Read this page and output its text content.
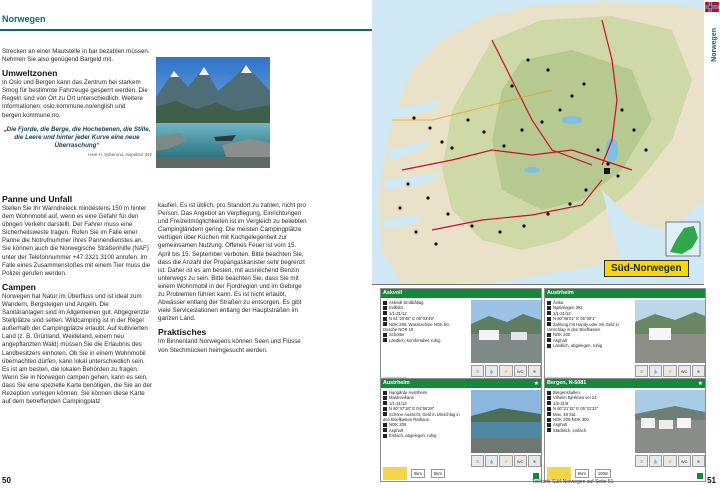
Norwegen

Strecken an einer Mautstelle in bar bezahlen müssen. Nehmen Sie also genügend Bargeld mit.

Umweltzonen

In Oslo und Bergen kann das Zentrum bei starkem Smog für bestimmte Fahrzeuge gesperrt werden. Die Regeln sind von Ort zu Ort unterschiedlich. Weitere Informationen: oslo.kommune.no/english und bergen.kommune.no.

„Die Fjorde, die Berge, die Hochebenen, die Stille, die Leere und hinter jeder Kurve eine neue Überraschung“
Hein H. Syberund, Inspektor 342
Panne und Unfall

Stellen Sie Ihr Warndreieck mindestens 150 m hinter dem Wohnmobil auf, wenn es eine Gefahr für den übrigen Verkehr darstellt. Der Fahrer muss eine Sicherheitsweste tragen. Rufen Sie im Falle einer Panne die Notrufnummer Ihres Pannendienstes an. Sie können auch die Norwegische Straßenhilfe (NAF) unter der Telefonnummer +47 2321 3100 anrufen. Im Falle eines Zusammenstoßes mit einem Tier muss die Polizei gerufen werden.

Campen

Norwegen hat Natur im Überfluss und ist ideal zum Wandern, Bergsteigen und Angeln. Die Sanitäranlagen sind im Allgemeinen gut. Abgegrenzte Stellplätze sind selten. Wildcamping ist in der Regel außerhalb der Campingplätze erlaubt. Auf kultivierten Land (z. B. Grünland, Weideland, einem neu angepflanzten Wald) müssen Sie die Erlaubnis des Landbesitzers einholen. Ob Sie in einem Wohnmobil übernachten dürfen, kann lokal unterschiedlich sein. Es ist am besten, die lokalen Behörden zu fragen. Wenn Sie in Norwegen campen gehen, kann es sein, dass Sie eine spezielle Karte benötigen, die Sie an der Rezeption vorlegen können. Sie können diese Karte auf dem betreffenden Campingplatz

kaufen. Es ist üblich, pro Standort zu zahlen, nicht pro Person. Das Angebot an Verpflegung, Einrichtungen und Freizeitmöglichkeiten ist im Vergleich zu beliebten Campingländern gering. Die meisten Campingplätze verfügen über Küchen mit Kochgelegenheit zur gemeinsamen Nutzung. Offenes Feuer ist vom 15. April bis 15. September verboten. Bitte beachten Sie, dass die Anzahl der Propangaskanister sehr begrenzt ist. Daher ist es am besten, mit ausreichend Benzin unterwegs zu sein. Bitte beachten Sie, dass Sie mit einem Wohnmobil in der Fjordregion und im Gebirge zu Problemen führen kann. Es ist nicht erlaubt, Abwässer entlang der Straßen zu entsorgen. Es gibt viele Serviceslationen entlang der Hauptstraßen im ganzen Land.

Praktisches

Im Binnenland Norwegens können Seen und Flüsse von Stechmücken heimgesucht werden.

50
Süd-Norwegen
Norwegen
Askvoll
Askvoll Småbåtlag
Kvålsbr
1/1-31/12
N 61°20'48" E 05°03'49"
NOK 260, Wasmachine NOK 50,
Dusche NOK 10
Schotter
Ländlich, komfortabel, ruhig
⛆	💧	⚡	WC	≋
Austrheim
Åvika
Njøtveegen 292
1/1-31/12
N 60°46'01" E 05°00'1"
Zahlung mit Handy oder mit Geld in
Umschlag in den Briefkasten
NOK 200
Asphalt
Ländlich, abgelegen, ruhig
⛆	💧	⚡	WC	≋
Austrheim	★
Hangårde Austrheim
Mastrevikane
1/1-31/12
N 60°47'18" E 04°56'28"
Schöne Aussicht, Geld in Umschlag in
den Briefkasten Rathaus
NOK 200
Asphalt
Einfach, abgelegen, ruhig
⛆	💧	⚡	WC	≋
5km	5km
Bergen, N-5081	★
Bergenshallen
Vilhelm Bjerknes vei 24
1/5-31/8
N 60°21'15" E 05°21'32"
Max. 48 Std.
NOK 200-NOK 300
Asphalt
Städtisch, einfach
⛆	💧	⚡	WC	≋
5km	100m
Teilkarte Süd-Norwegen auf Seite 51	51
